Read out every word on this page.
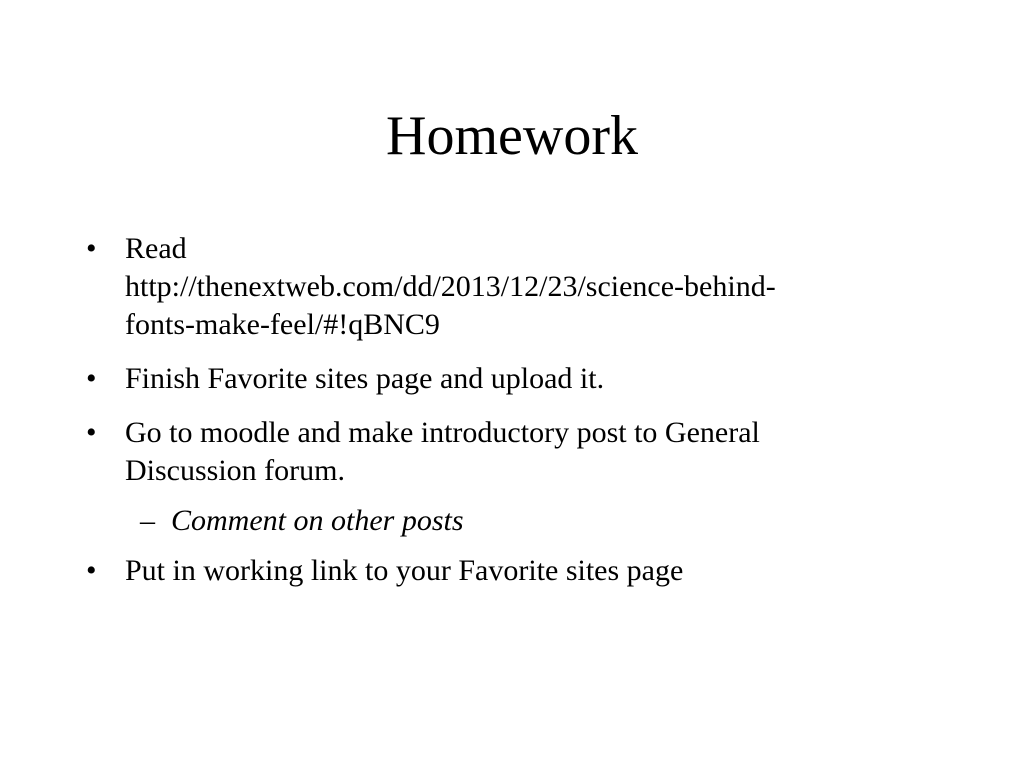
Homework
• Read
http://thenextweb.com/dd/2013/12/23/science-behind-
fonts-make-feel/#!qBNC9
• Finish Favorite sites page and upload it.
• Go to moodle and make introductory post to General
Discussion forum.
– Comment on other posts
• Put in working link to your Favorite sites page
